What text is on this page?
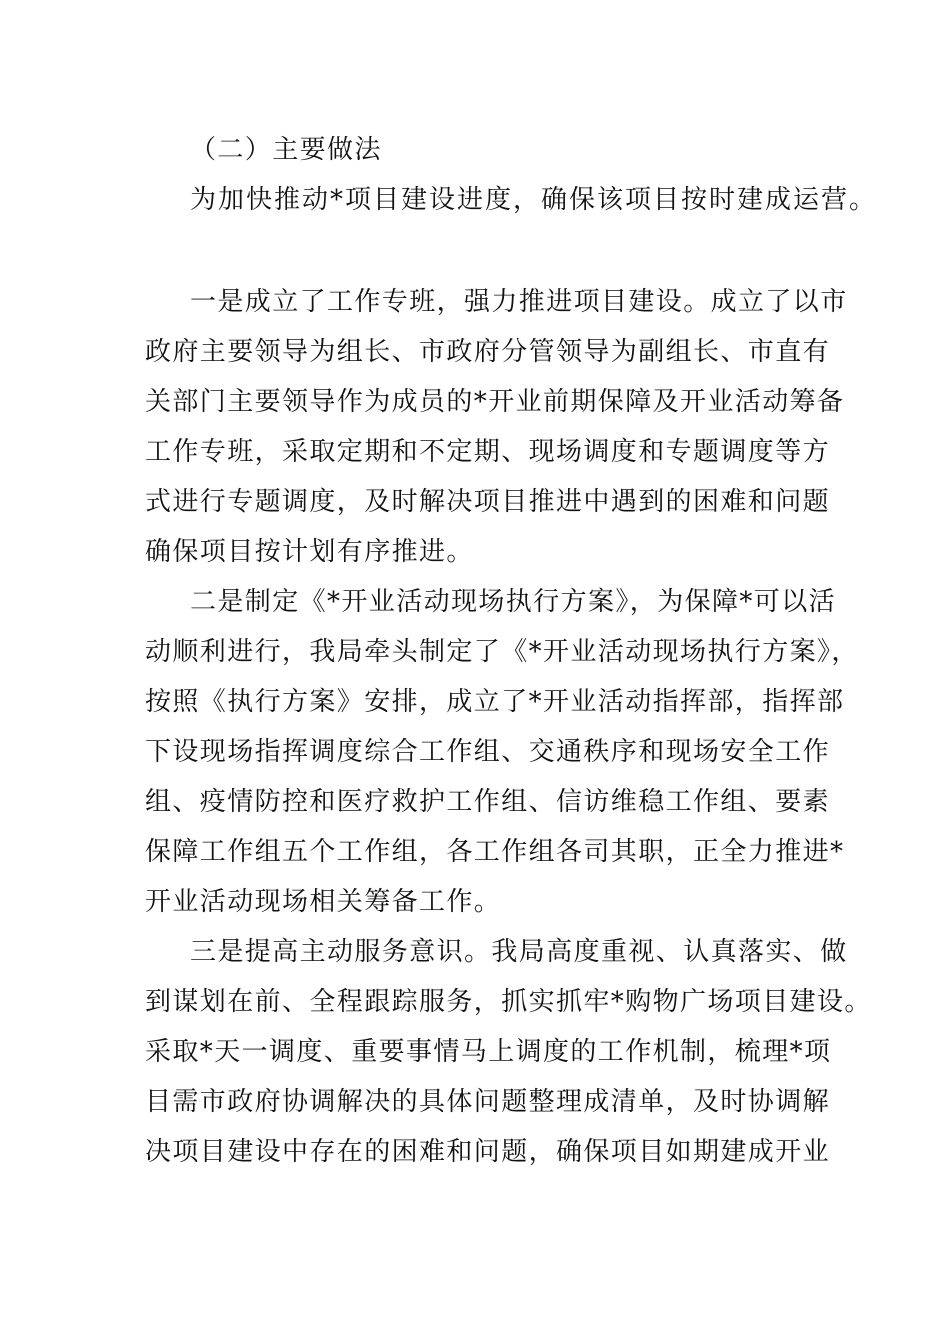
（二）主要做法
为加快推动*项目建设进度，确保该项目按时建成运营。
一是成立了工作专班，强力推进项目建设。成立了以市
政府主要领导为组长、市政府分管领导为副组长、市直有
关部门主要领导作为成员的*开业前期保障及开业活动筹备
工作专班，采取定期和不定期、现场调度和专题调度等方
式进行专题调度，及时解决项目推进中遇到的困难和问题
确保项目按计划有序推进。
二是制定《*开业活动现场执行方案》，为保障*可以活
动顺利进行，我局牵头制定了《*开业活动现场执行方案》，
按照《执行方案》安排，成立了*开业活动指挥部，指挥部
下设现场指挥调度综合工作组、交通秩序和现场安全工作
组、疫情防控和医疗救护工作组、信访维稳工作组、要素
保障工作组五个工作组，各工作组各司其职，正全力推进*
开业活动现场相关筹备工作。
三是提高主动服务意识。我局高度重视、认真落实、做
到谋划在前、全程跟踪服务，抓实抓牢*购物广场项目建设。
采取*天一调度、重要事情马上调度的工作机制，梳理*项
目需市政府协调解决的具体问题整理成清单，及时协调解
决项目建设中存在的困难和问题，确保项目如期建成开业
